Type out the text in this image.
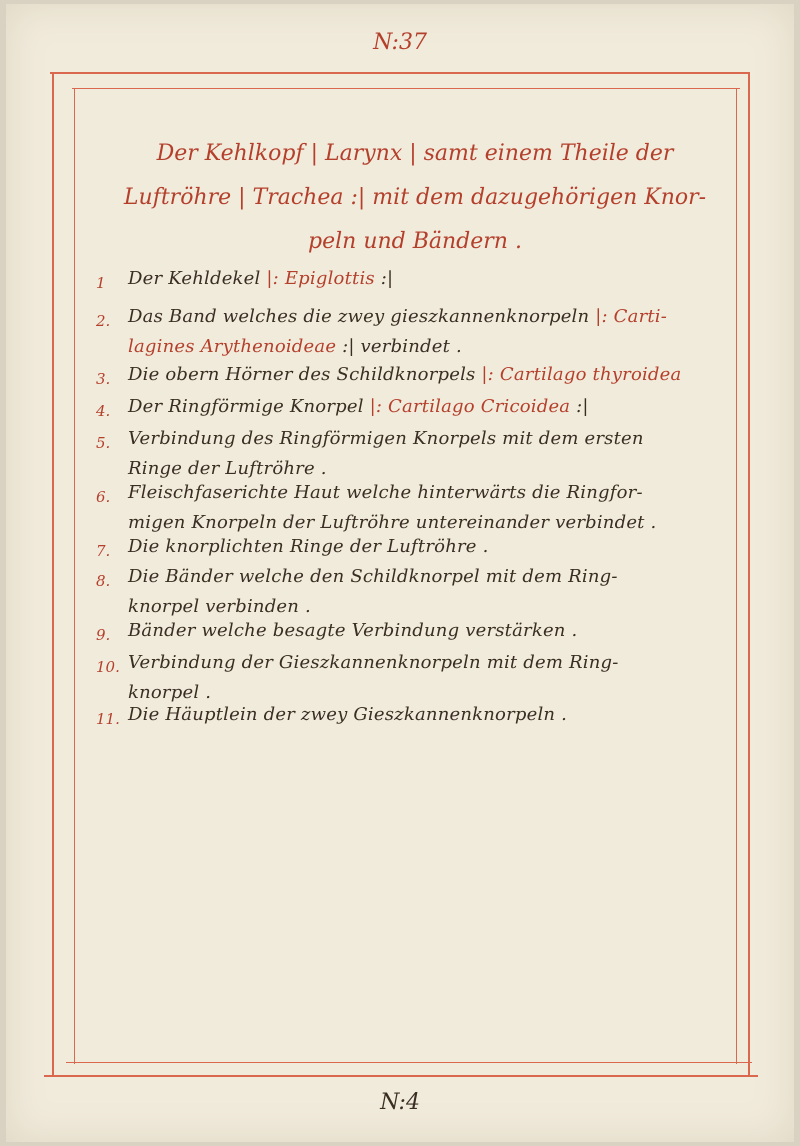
N:37
Der Kehlkopf | Larynx | samt einem Theile der
Luftröhre | Trachea :| mit dem dazugehörigen Knor-
peln und Bändern .
1	Der Kehldekel |: Epiglottis :|
2. Das Band welches die zwey gieszkannenknorpeln |: Carti-
lagines Arythenoideae :| verbindet .
3. Die obern Hörner des Schildknorpels |: Cartilago thyroidea
4. Der Ringförmige Knorpel |: Cartilago Cricoidea :|
5. Verbindung des Ringförmigen Knorpels mit dem ersten
Ringe der Luftröhre .
6. Fleischfaserichte Haut welche hinterwärts die Ringfor-
migen Knorpeln der Luftröhre untereinander verbindet .
7. Die knorplichten Ringe der Luftröhre .
8. Die Bänder welche den Schildknorpel mit dem Ring-
knorpel verbinden .
9. Bänder welche besagte Verbindung verstärken .
10. Verbindung der Gieszkannenknorpeln mit dem Ring-
knorpel .
11. Die Häuptlein der zwey Gieszkannenknorpeln .
N:4
